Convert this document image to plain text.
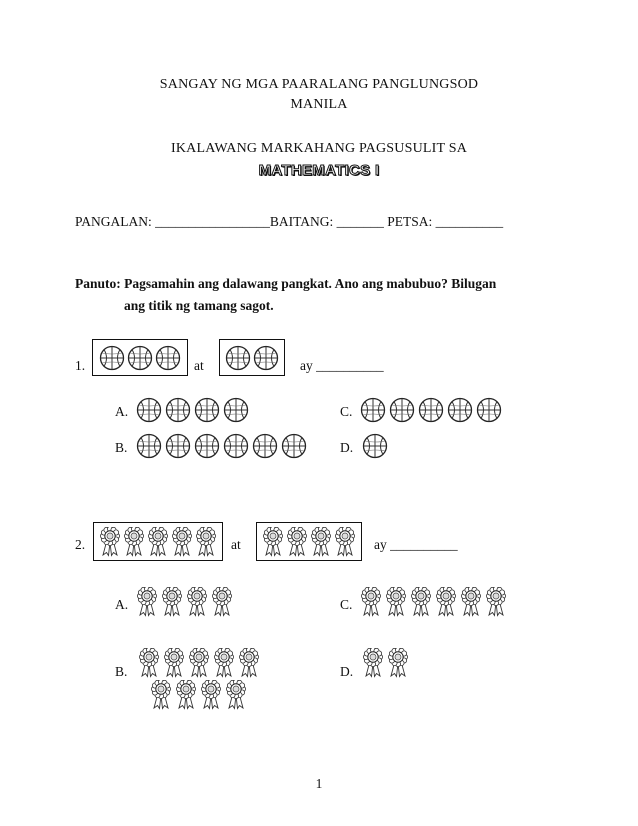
SANGAY NG MGA PAARALANG PANGLUNGSOD
MANILA
IKALAWANG MARKAHANG PAGSUSULIT SA
MATHEMATICS I
PANGALAN: _________________BAITANG: _______ PETSA: __________
Panuto: Pagsamahin ang dalawang pangkat. Ano ang mabubuo? Bilugan
ang titik ng tamang sagot.
1.	at	ay __________
A.
B.
C.
D.
2.	at	ay __________
A.
B.
C.
D.
1
